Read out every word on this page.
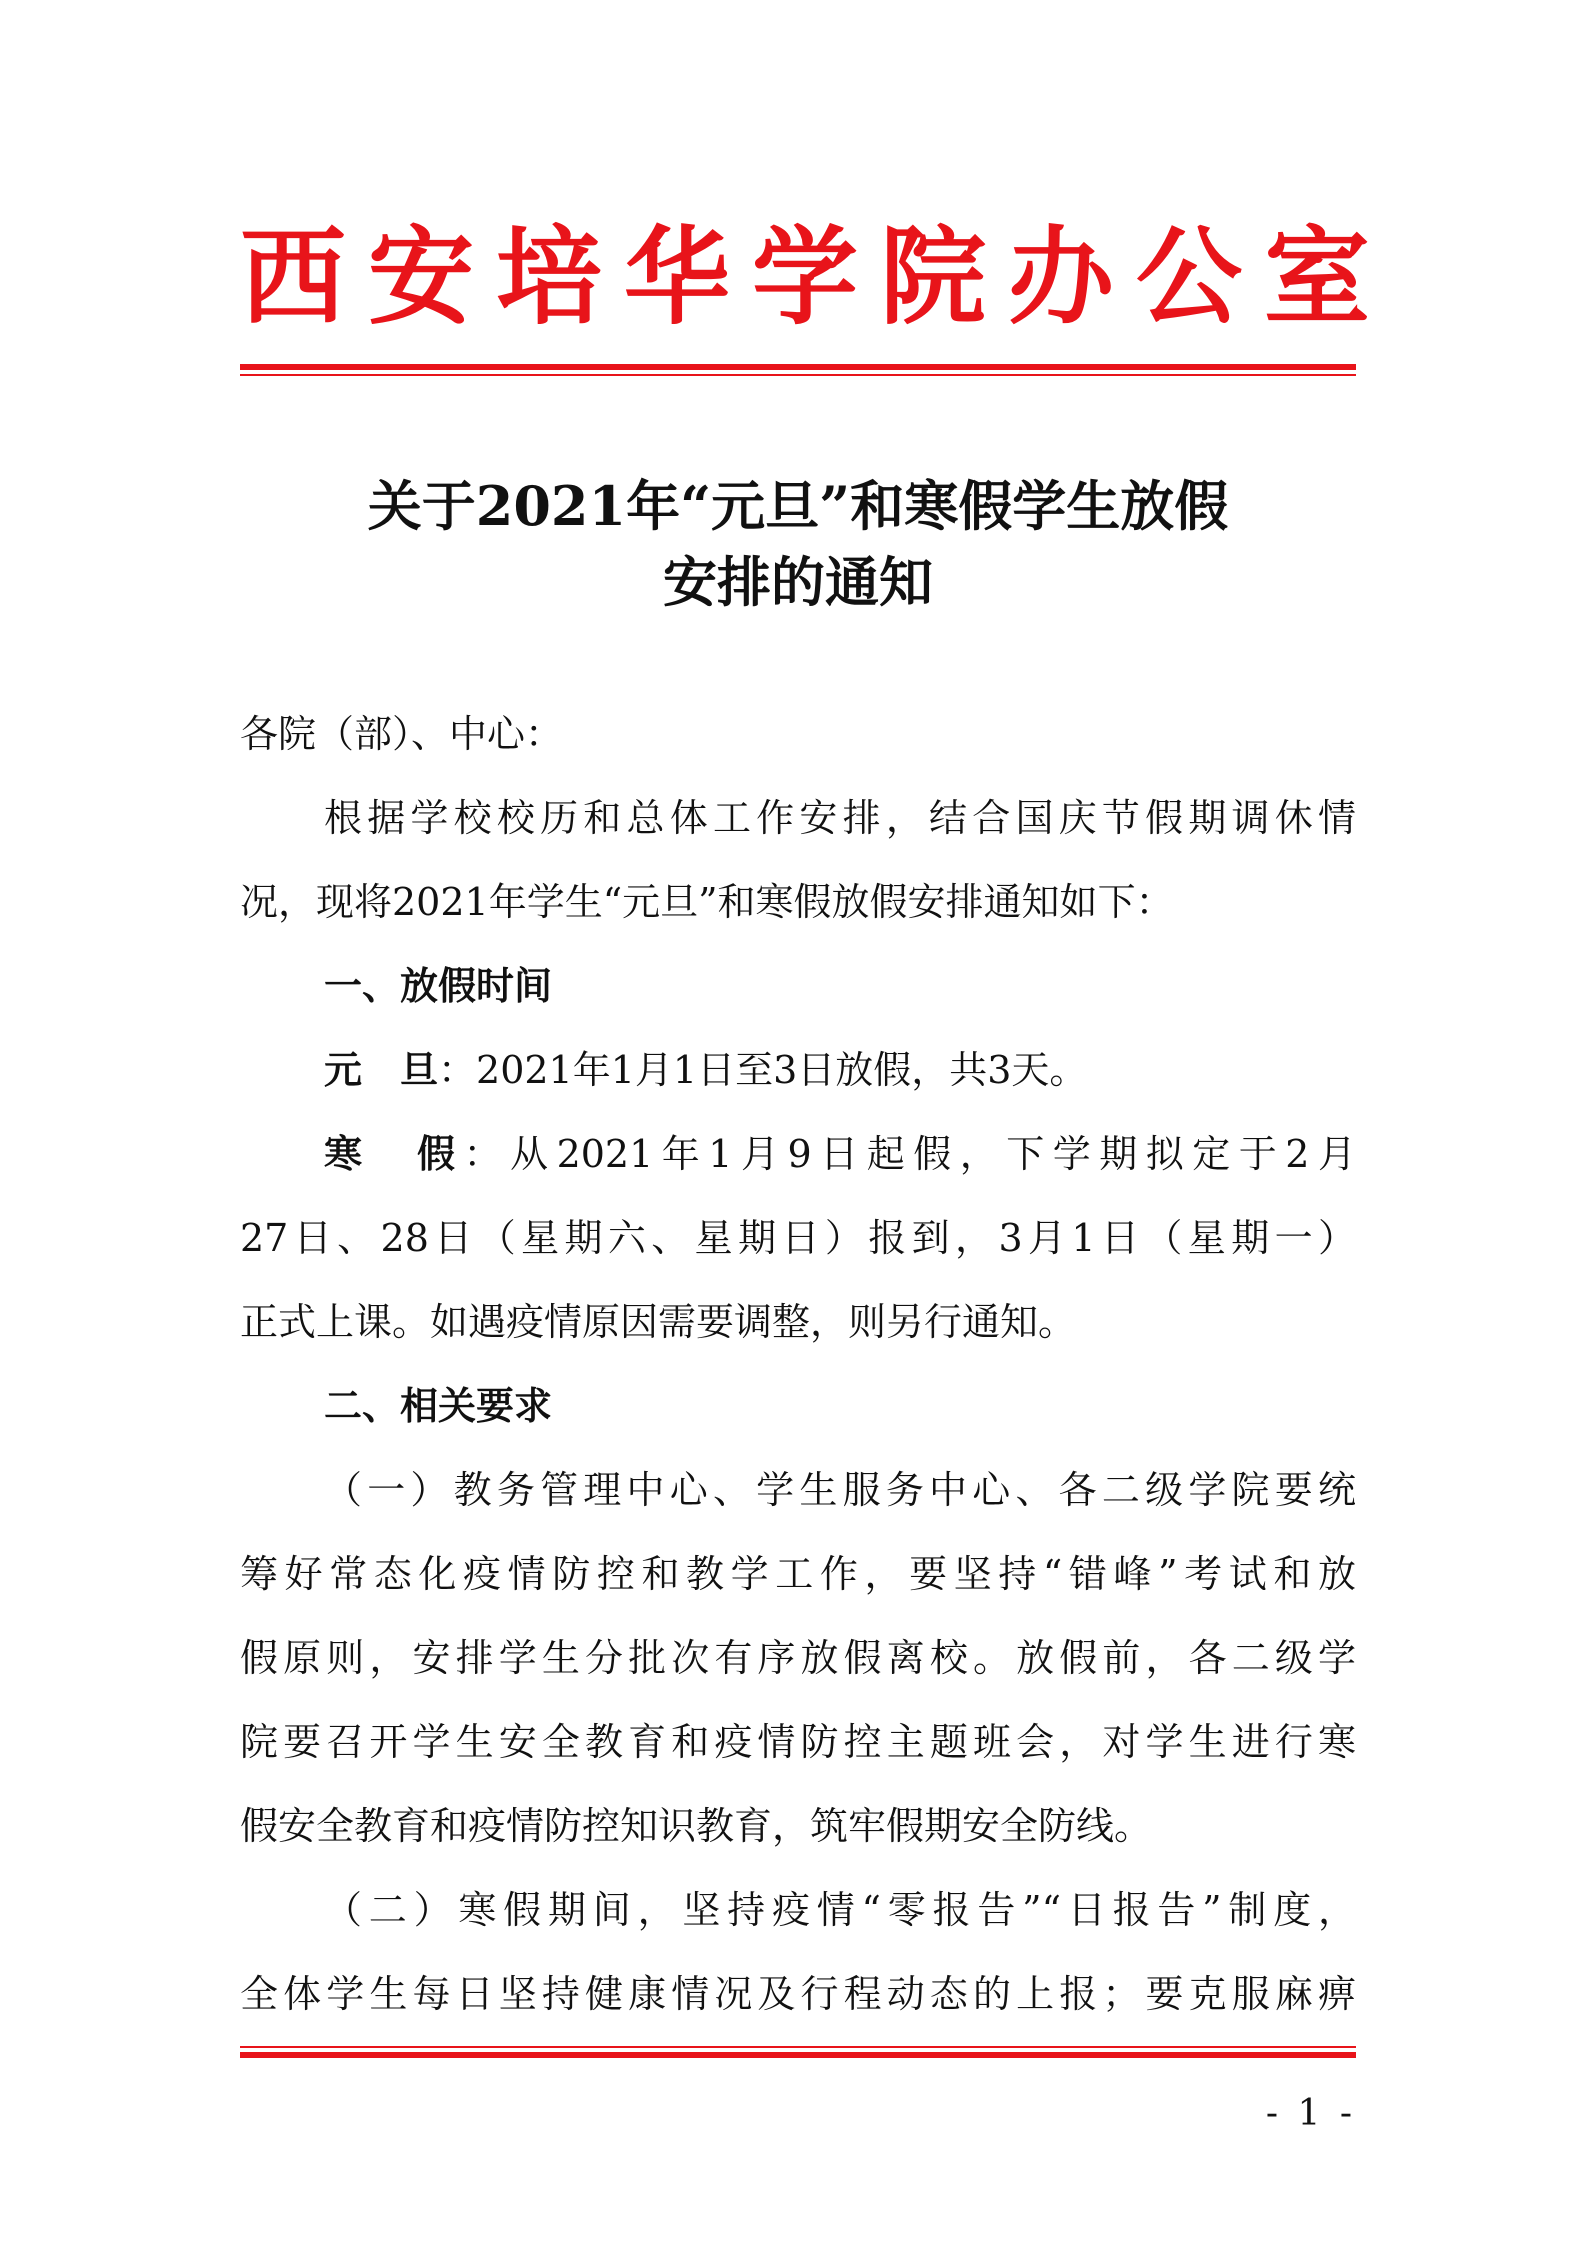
西安培华学院办公室
关于2021年“元旦”和寒假学生放假
安排的通知
各院（部）、中心：
根据学校校历和总体工作安排，结合国庆节假期调休情
况，现将2021年学生“元旦”和寒假放假安排通知如下：
一、放假时间
元　旦：2021年1月1日至3日放假，共3天。
寒　假：从2021年1月9日起假，下学期拟定于2月
27日、28日（星期六、星期日）报到，3月1日（星期一）
正式上课。如遇疫情原因需要调整，则另行通知。
二、相关要求
（一）教务管理中心、学生服务中心、各二级学院要统
筹好常态化疫情防控和教学工作，要坚持“错峰”考试和放
假原则，安排学生分批次有序放假离校。放假前，各二级学
院要召开学生安全教育和疫情防控主题班会，对学生进行寒
假安全教育和疫情防控知识教育，筑牢假期安全防线。
（二）寒假期间，坚持疫情“零报告”“日报告”制度，
全体学生每日坚持健康情况及行程动态的上报；要克服麻痹
- 1 -
